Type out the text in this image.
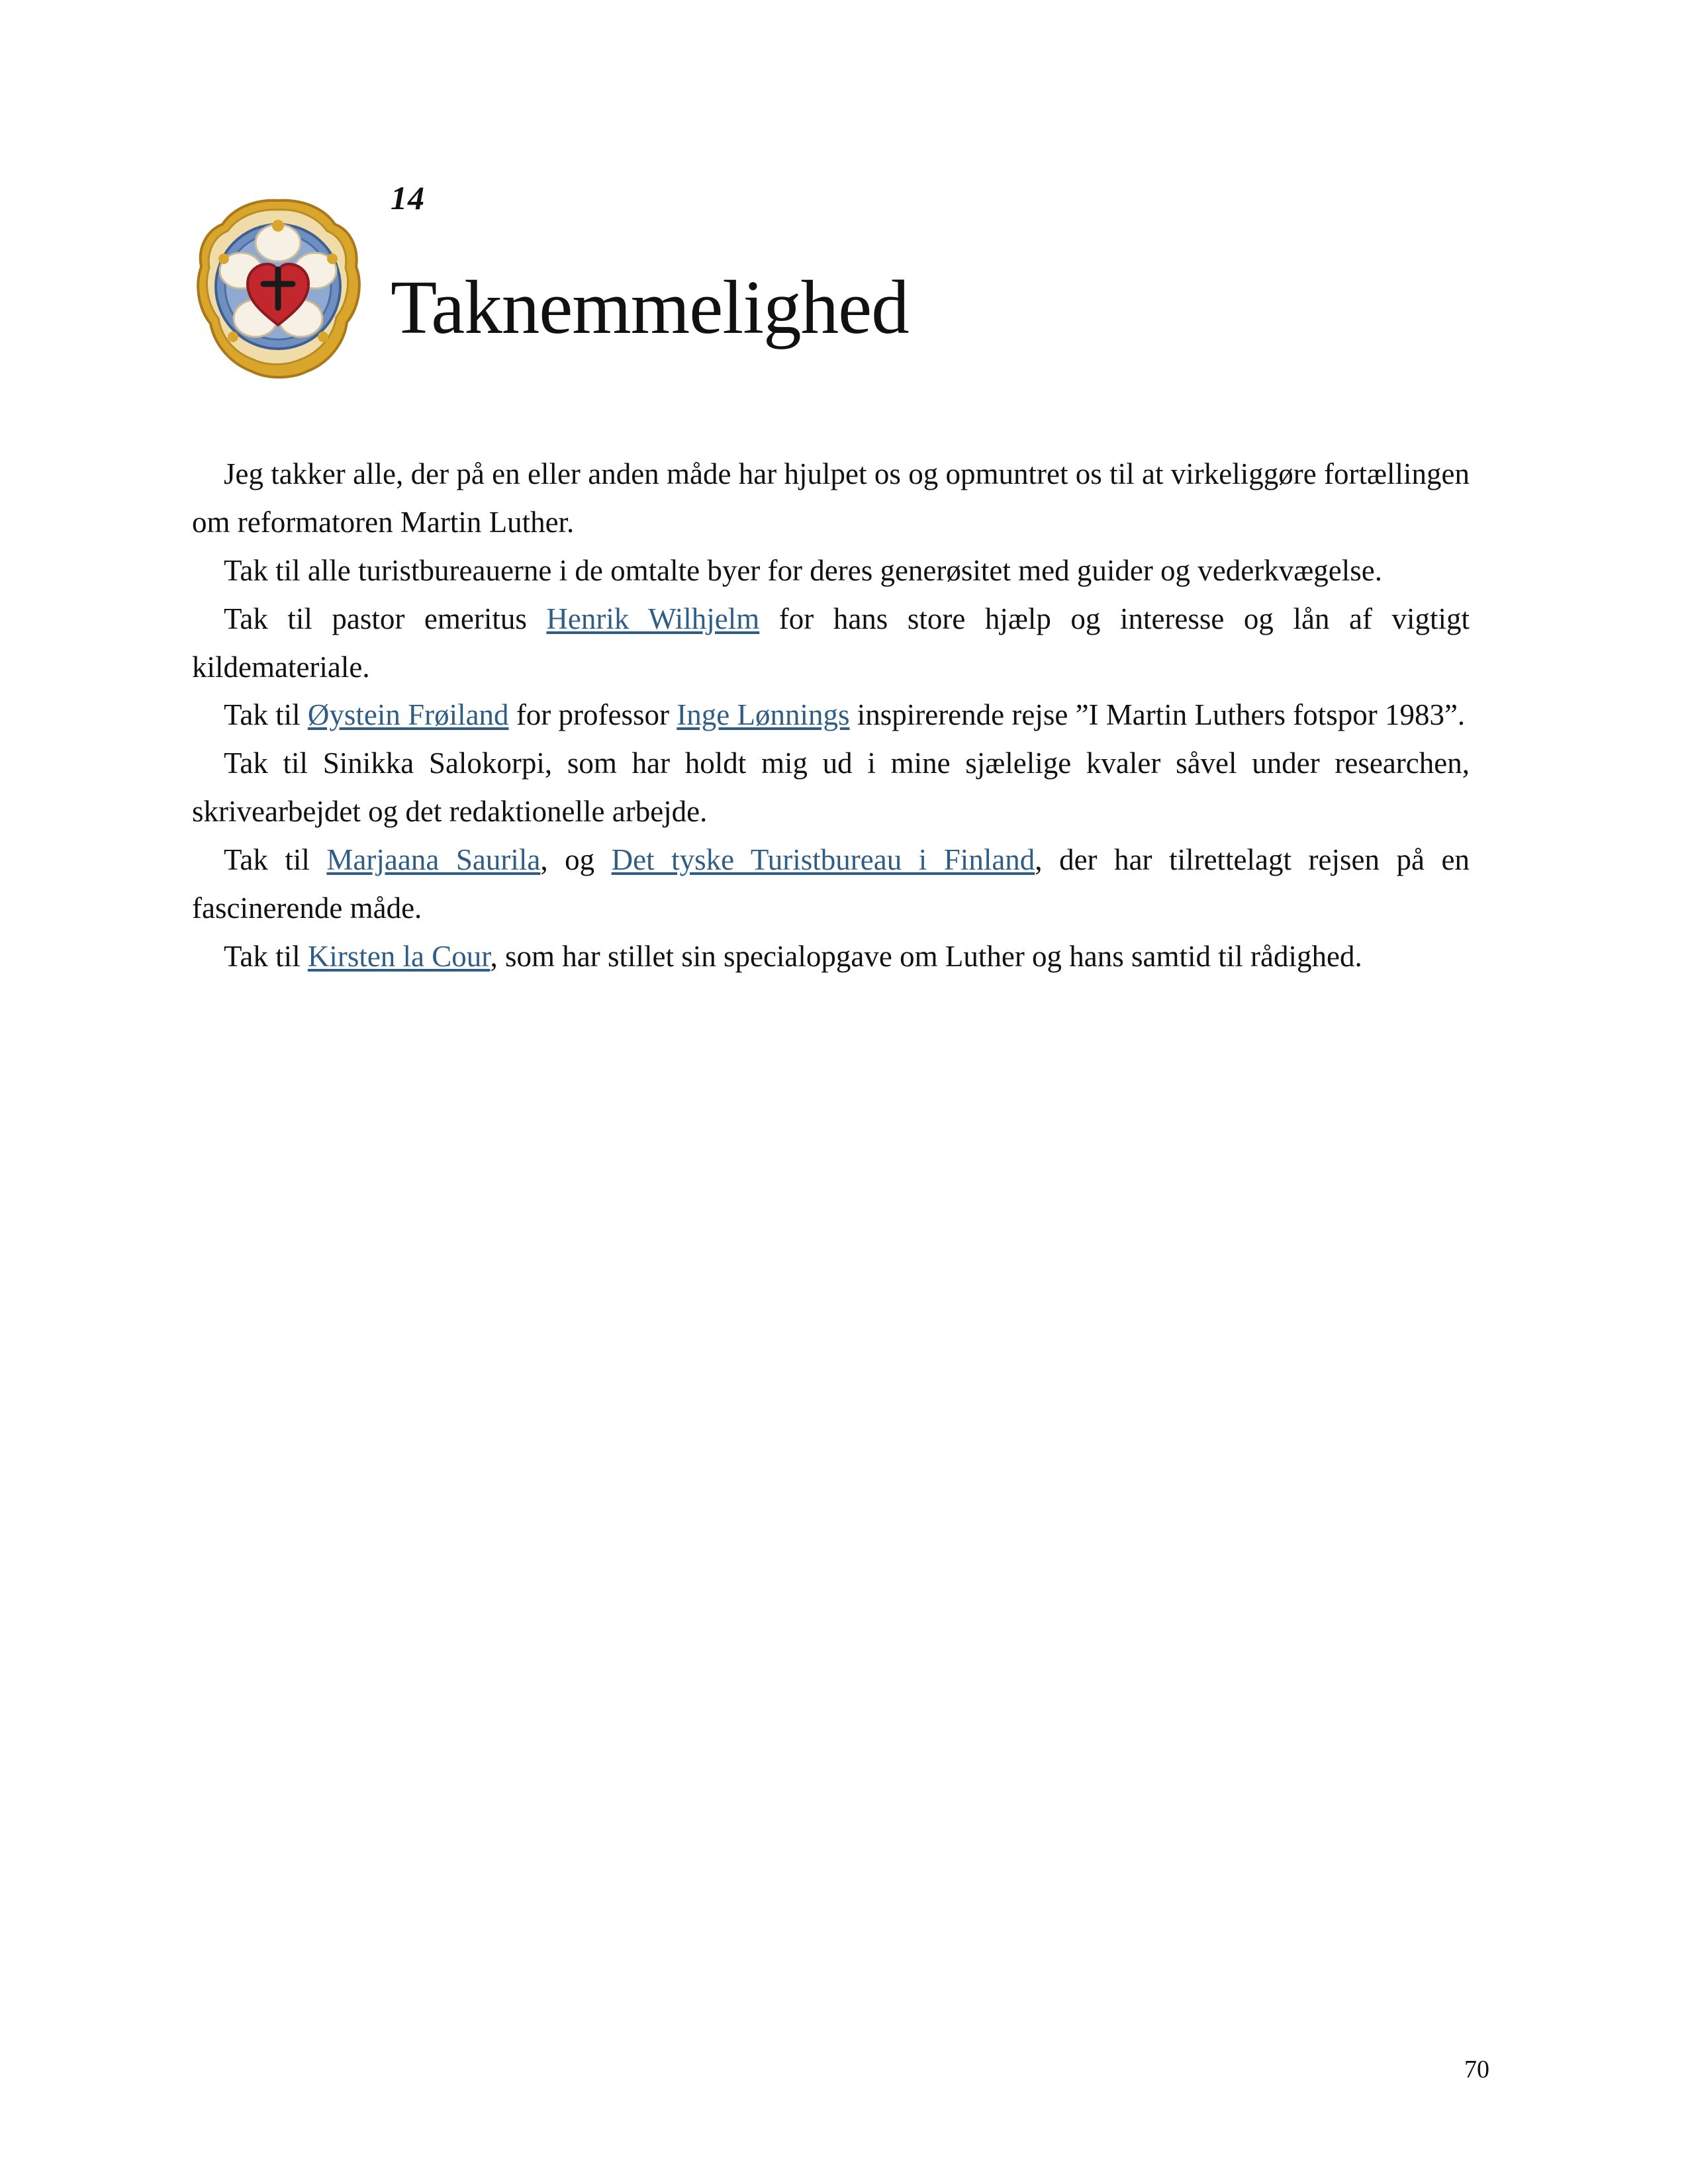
14
Taknemmelighed

Jeg takker alle, der på en eller anden måde har hjulpet os og opmuntret os til at virkeliggøre fortællingen om reformatoren Martin Luther.

Tak til alle turistbureauerne i de omtalte byer for deres generøsitet med guider og vederkvægelse.

Tak til pastor emeritus Henrik Wilhjelm for hans store hjælp og interesse og lån af vigtigt kildemateriale.

Tak til Øystein Frøiland for professor Inge Lønnings inspirerende rejse ”I Martin Luthers fotspor 1983”.

Tak til Sinikka Salokorpi, som har holdt mig ud i mine sjælelige kvaler såvel under researchen, skrivearbejdet og det redaktionelle arbejde.

Tak til Marjaana Saurila, og Det tyske Turistbureau i Finland, der har tilrettelagt rejsen på en fascinerende måde.

Tak til Kirsten la Cour, som har stillet sin specialopgave om Luther og hans samtid til rådighed.

70
